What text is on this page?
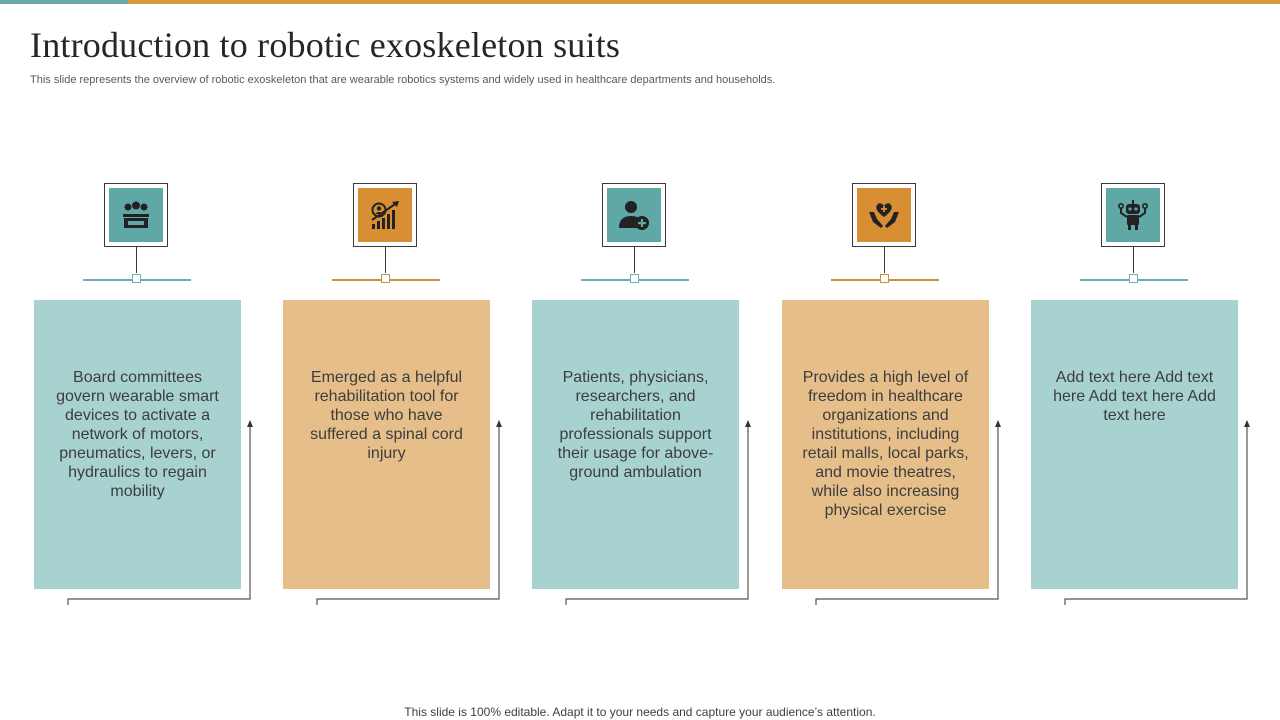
Introduction to robotic exoskeleton suits
This slide represents the overview of robotic exoskeleton that are wearable robotics systems and widely used in healthcare departments and households.

Board committees govern wearable smart devices to activate a network of motors, pneumatics, levers, or hydraulics to regain mobility

Emerged as a helpful rehabilitation tool for those who have suffered a spinal cord injury

Patients, physicians, researchers, and rehabilitation professionals support their usage for above-ground ambulation

Provides a high level of freedom in healthcare organizations and institutions, including retail malls, local parks, and movie theatres, while also increasing physical exercise

Add text here Add text here Add text here Add text here

This slide is 100% editable. Adapt it to your needs and capture your audience’s attention.
